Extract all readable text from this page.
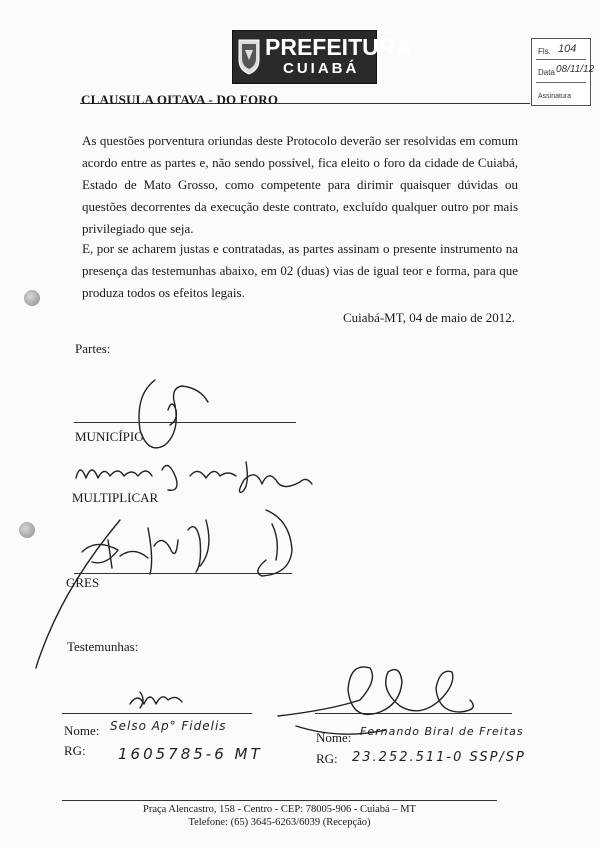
PREFEITURA
CUIABÁ
Fls. 104
Data 08/11/12
Assinatura
CLAUSULA OITAVA - DO FORO

As questões porventura oriundas deste Protocolo deverão ser resolvidas em comum acordo entre as partes e, não sendo possível, fica eleito o foro da cidade de Cuiabá, Estado de Mato Grosso, como competente para dirimir quaisquer dúvidas ou questões decorrentes da execução deste contrato, excluído qualquer outro por mais privilegiado que seja.

E, por se acharem justas e contratadas, as partes assinam o presente instrumento na presença das testemunhas abaixo, em 02 (duas) vias de igual teor e forma, para que produza todos os efeitos legais.

Cuiabá-MT, 04 de maio de 2012.
Partes:
MUNICÍPIO
MULTIPLICAR
GRES
Testemunhas:
Nome: Selso Ap° Fidelis
RG: 1605785-6 MT
Nome: Fernando Biral de Freitas
RG: 23.252.511-0 SSP/SP
Praça Alencastro, 158 - Centro - CEP: 78005-906 - Cuiabá – MT
Telefone: (65) 3645-6263/6039 (Recepção)
